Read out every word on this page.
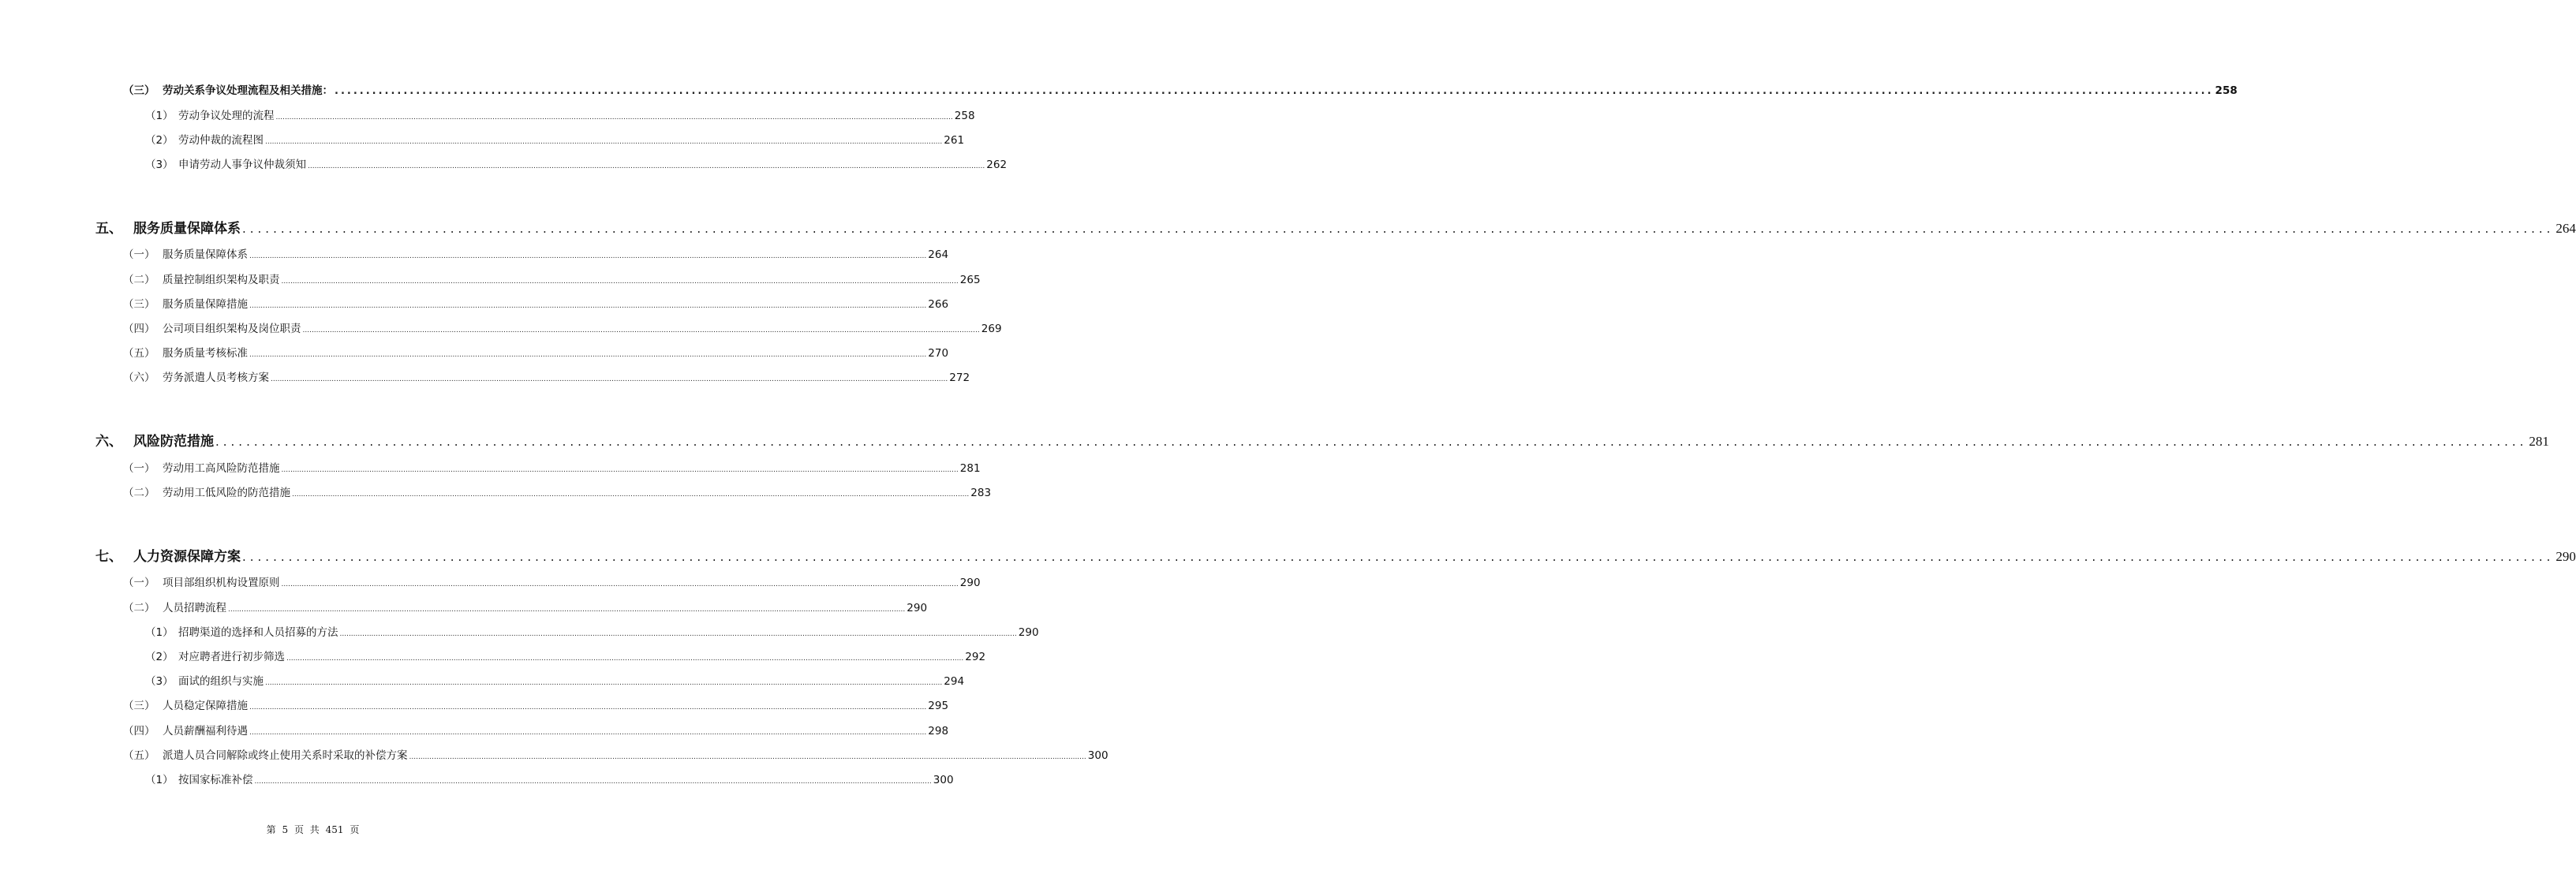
（三） 劳动关系争议处理流程及相关措施： ............................................................................................................................................................................................................................................................................................................ 258
（1） 劳动争议处理的流程 ............................................................................................................................................................................................................................................................................................................ 258
（2） 劳动仲裁的流程图 ............................................................................................................................................................................................................................................................................................................ 261
（3） 申请劳动人事争议仲裁须知 ............................................................................................................................................................................................................................................................................................................ 262
五、 服务质量保障体系 ............................................................................................................................................................................................................................................................................................................ 264
（一） 服务质量保障体系 ............................................................................................................................................................................................................................................................................................................ 264
（二） 质量控制组织架构及职责 ............................................................................................................................................................................................................................................................................................................ 265
（三） 服务质量保障措施 ............................................................................................................................................................................................................................................................................................................ 266
（四） 公司项目组织架构及岗位职责 ............................................................................................................................................................................................................................................................................................................ 269
（五） 服务质量考核标准 ............................................................................................................................................................................................................................................................................................................ 270
（六） 劳务派遣人员考核方案 ............................................................................................................................................................................................................................................................................................................ 272
六、 风险防范措施 ............................................................................................................................................................................................................................................................................................................ 281
（一） 劳动用工高风险防范措施 ............................................................................................................................................................................................................................................................................................................ 281
（二） 劳动用工低风险的防范措施 ............................................................................................................................................................................................................................................................................................................ 283
七、 人力资源保障方案 ............................................................................................................................................................................................................................................................................................................ 290
（一） 项目部组织机构设置原则 ............................................................................................................................................................................................................................................................................................................ 290
（二） 人员招聘流程 ............................................................................................................................................................................................................................................................................................................ 290
（1） 招聘渠道的选择和人员招募的方法 ............................................................................................................................................................................................................................................................................................................ 290
（2） 对应聘者进行初步筛选 ............................................................................................................................................................................................................................................................................................................ 292
（3） 面试的组织与实施 ............................................................................................................................................................................................................................................................................................................ 294
（三） 人员稳定保障措施 ............................................................................................................................................................................................................................................................................................................ 295
（四） 人员薪酬福利待遇 ............................................................................................................................................................................................................................................................................................................ 298
（五） 派遣人员合同解除或终止使用关系时采取的补偿方案 ............................................................................................................................................................................................................................................................................................................ 300
（1） 按国家标准补偿 ............................................................................................................................................................................................................................................................................................................ 300
第 5 页 共 451 页
